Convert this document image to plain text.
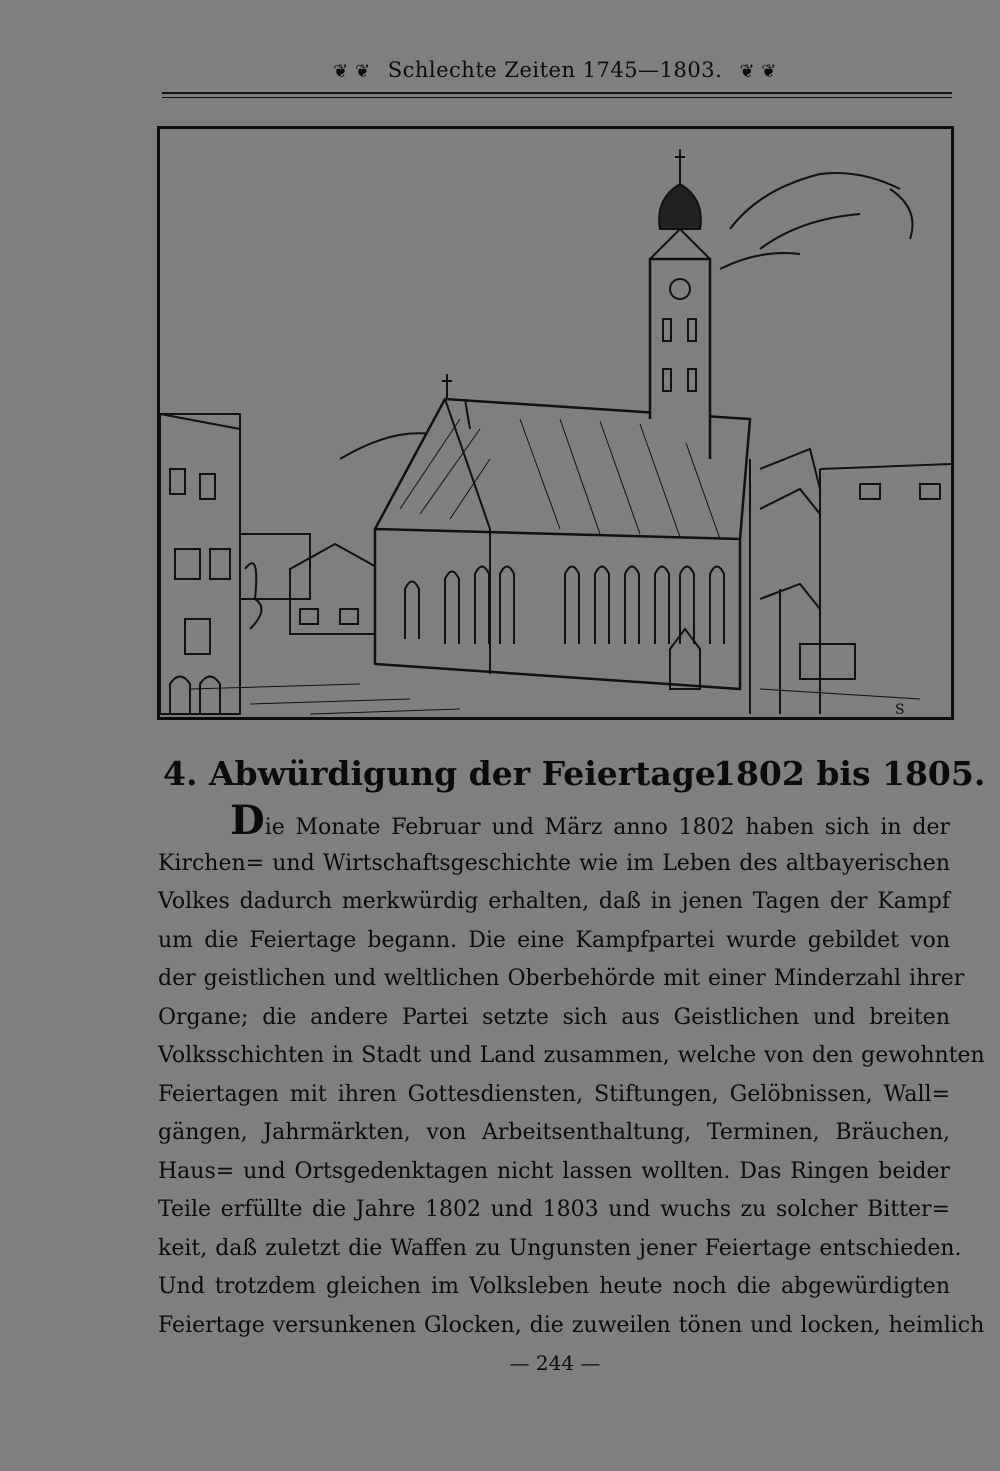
❦ ❦ Schlechte Zeiten 1745—1803. ❦ ❦
S
4. Abwürdigung der Feiertage.
1802 bis 1805.
Die Monate Februar und März anno 1802 haben sich in der
Kirchen= und Wirtschaftsgeschichte wie im Leben des altbayerischen
Volkes dadurch merkwürdig erhalten, daß in jenen Tagen der Kampf
um die Feiertage begann. Die eine Kampfpartei wurde gebildet von
der geistlichen und weltlichen Oberbehörde mit einer Minderzahl ihrer
Organe; die andere Partei setzte sich aus Geistlichen und breiten
Volksschichten in Stadt und Land zusammen, welche von den gewohnten
Feiertagen mit ihren Gottesdiensten, Stiftungen, Gelöbnissen, Wall=
gängen, Jahrmärkten, von Arbeitsenthaltung, Terminen, Bräuchen,
Haus= und Ortsgedenktagen nicht lassen wollten. Das Ringen beider
Teile erfüllte die Jahre 1802 und 1803 und wuchs zu solcher Bitter=
keit, daß zuletzt die Waffen zu Ungunsten jener Feiertage entschieden.
Und trotzdem gleichen im Volksleben heute noch die abgewürdigten
Feiertage versunkenen Glocken, die zuweilen tönen und locken, heimlich
— 244 —
